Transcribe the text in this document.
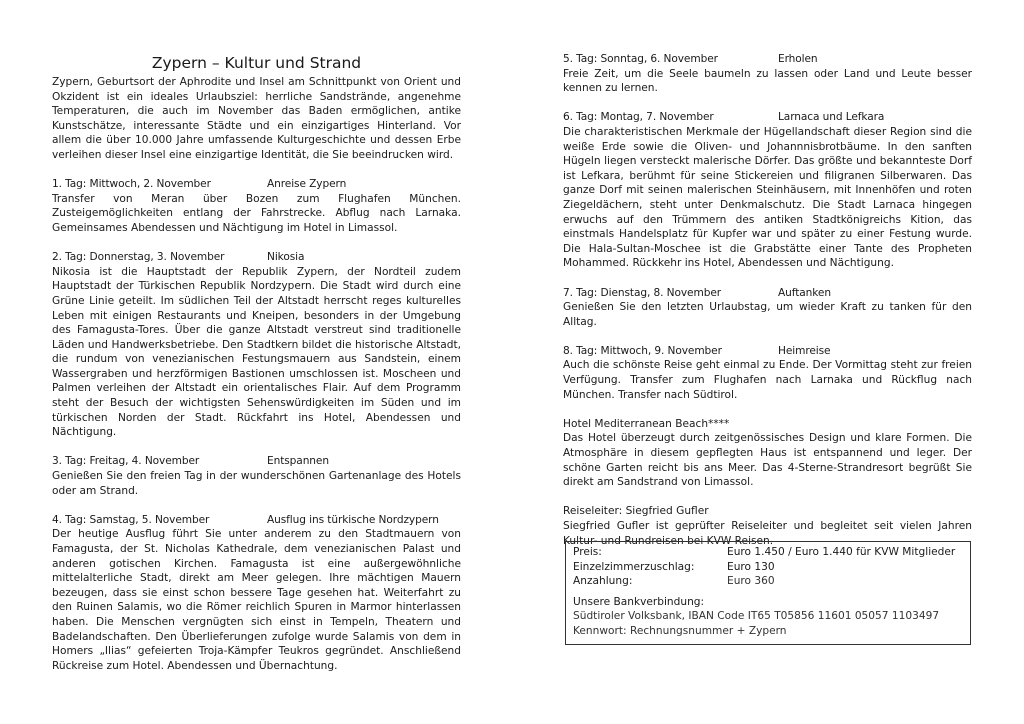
Zypern – Kultur und Strand

Zypern, Geburtsort der Aphrodite und Insel am Schnittpunkt von Orient und Okzident ist ein ideales Urlaubsziel: herrliche Sandstrände, angenehme Temperaturen, die auch im November das Baden ermöglichen, antike Kunstschätze, interessante Städte und ein einzigartiges Hinterland. Vor allem die über 10.000 Jahre umfassende Kulturgeschichte und dessen Erbe verleihen dieser Insel eine einzigartige Identität, die Sie beeindrucken wird.

1. Tag: Mittwoch, 2. November	Anreise Zypern

Transfer von Meran über Bozen zum Flughafen München. Zusteigemöglichkeiten entlang der Fahrstrecke. Abflug nach Larnaka. Gemeinsames Abendessen und Nächtigung im Hotel in Limassol.

2. Tag: Donnerstag, 3. November	Nikosia

Nikosia ist die Hauptstadt der Republik Zypern, der Nordteil zudem Hauptstadt der Türkischen Republik Nordzypern. Die Stadt wird durch eine Grüne Linie geteilt. Im südlichen Teil der Altstadt herrscht reges kulturelles Leben mit einigen Restaurants und Kneipen, besonders in der Umgebung des Famagusta-Tores. Über die ganze Altstadt verstreut sind traditionelle Läden und Handwerksbetriebe. Den Stadtkern bildet die historische Altstadt, die rundum von venezianischen Festungsmauern aus Sandstein, einem Wassergraben und herzförmigen Bastionen umschlossen ist. Moscheen und Palmen verleihen der Altstadt ein orientalisches Flair. Auf dem Programm steht der Besuch der wichtigsten Sehenswürdigkeiten im Süden und im türkischen Norden der Stadt. Rückfahrt ins Hotel, Abendessen und Nächtigung.

3. Tag: Freitag, 4. November	Entspannen

Genießen Sie den freien Tag in der wunderschönen Gartenanlage des Hotels oder am Strand.

4. Tag: Samstag, 5. November	Ausflug ins türkische Nordzypern

Der heutige Ausflug führt Sie unter anderem zu den Stadtmauern von Famagusta, der St. Nicholas Kathedrale, dem venezianischen Palast und anderen gotischen Kirchen. Famagusta ist eine außergewöhnliche mittelalterliche Stadt, direkt am Meer gelegen. Ihre mächtigen Mauern bezeugen, dass sie einst schon bessere Tage gesehen hat. Weiterfahrt zu den Ruinen Salamis, wo die Römer reichlich Spuren in Marmor hinterlassen haben. Die Menschen vergnügten sich einst in Tempeln, Theatern und Badelandschaften. Den Überlieferungen zufolge wurde Salamis von dem in Homers „Ilias“ gefeierten Troja-Kämpfer Teukros gegründet. Anschließend Rückreise zum Hotel. Abendessen und Übernachtung.

5. Tag: Sonntag, 6. November	Erholen

Freie Zeit, um die Seele baumeln zu lassen oder Land und Leute besser kennen zu lernen.

6. Tag: Montag, 7. November	Larnaca und Lefkara

Die charakteristischen Merkmale der Hügellandschaft dieser Region sind die weiße Erde sowie die Oliven- und Johannnisbrotbäume. In den sanften Hügeln liegen versteckt malerische Dörfer. Das größte und bekannteste Dorf ist Lefkara, berühmt für seine Stickereien und filigranen Silberwaren. Das ganze Dorf mit seinen malerischen Steinhäusern, mit Innenhöfen und roten Ziegeldächern, steht unter Denkmalschutz. Die Stadt Larnaca hingegen erwuchs auf den Trümmern des antiken Stadtkönigreichs Kition, das einstmals Handelsplatz für Kupfer war und später zu einer Festung wurde. Die Hala-Sultan-Moschee ist die Grabstätte einer Tante des Propheten Mohammed. Rückkehr ins Hotel, Abendessen und Nächtigung.

7. Tag: Dienstag, 8. November	Auftanken

Genießen Sie den letzten Urlaubstag, um wieder Kraft zu tanken für den Alltag.

8. Tag: Mittwoch, 9. November	Heimreise

Auch die schönste Reise geht einmal zu Ende. Der Vormittag steht zur freien Verfügung. Transfer zum Flughafen nach Larnaka und Rückflug nach München. Transfer nach Südtirol.

Hotel Mediterranean Beach****

Das Hotel überzeugt durch zeitgenössisches Design und klare Formen. Die Atmosphäre in diesem gepflegten Haus ist entspannend und leger. Der schöne Garten reicht bis ans Meer. Das 4-Sterne-Strandresort begrüßt Sie direkt am Sandstrand von Limassol.

Reiseleiter: Siegfried Gufler

Siegfried Gufler ist geprüfter Reiseleiter und begleitet seit vielen Jahren Kultur- und Rundreisen bei KVW Reisen.

Preis:	Euro 1.450 / Euro 1.440 für KVW Mitglieder
Einzelzimmerzuschlag:	Euro 130
Anzahlung:	Euro 360
Unsere Bankverbindung:
Südtiroler Volksbank, IBAN Code IT65 T05856 11601 05057 1103497
Kennwort: Rechnungsnummer + Zypern
